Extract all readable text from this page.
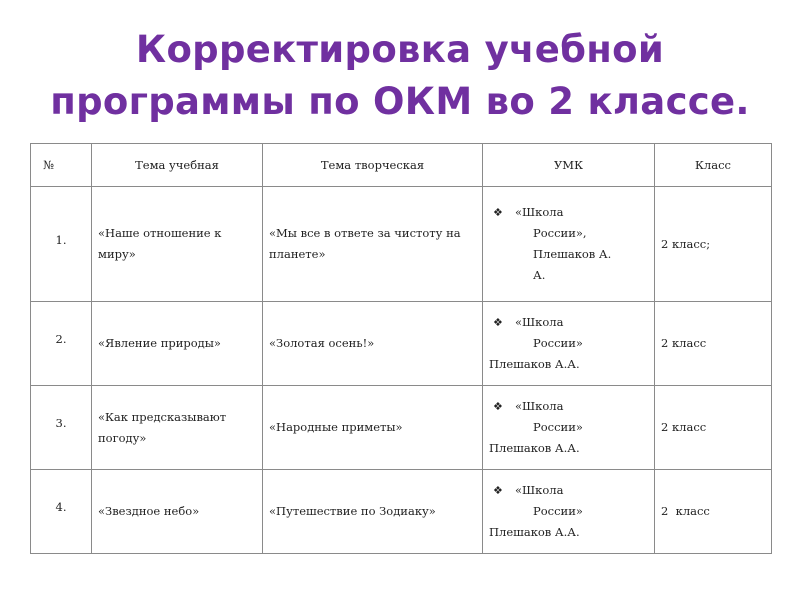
Корректировка учебной
программы по ОКМ во 2 классе.
№	Тема учебная	Тема творческая	УМК	Класс
1.	«Наше отношение к миру»	«Мы все в ответе за чистоту на планете»	❖ «Школа
России»,
Плешаков А.
А.	2 класс;
2.	«Явление природы»	«Золотая осень!»	❖ «Школа
России»
Плешаков А.А.	2 класс
3.	«Как предсказывают погоду»	«Народные приметы»	❖ «Школа
России»
Плешаков А.А.	2 класс
4.	«Звездное небо»	«Путешествие по Зодиаку»	❖ «Школа
России»
Плешаков А.А.	2  класс
